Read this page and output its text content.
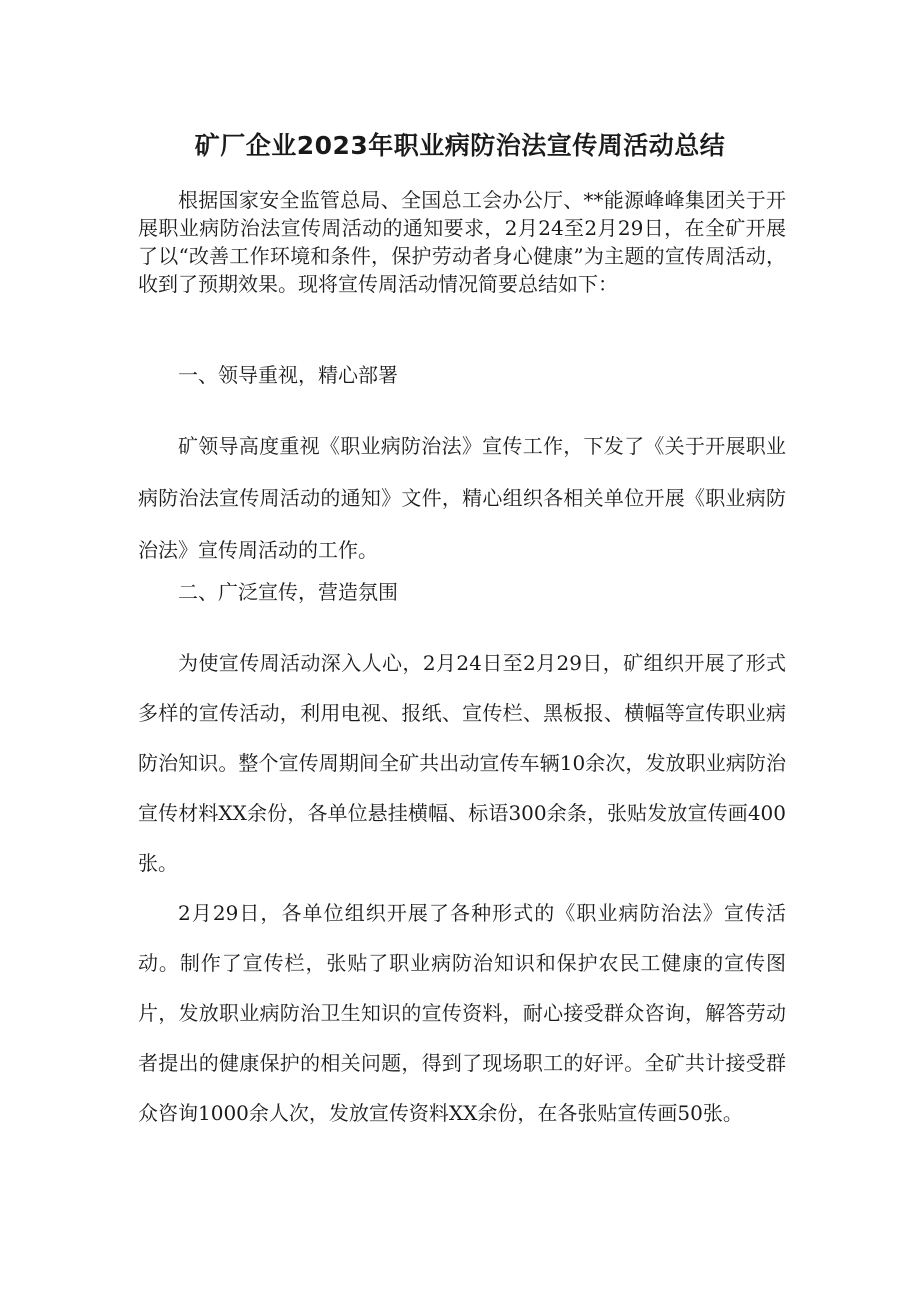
矿厂企业2023年职业病防治法宣传周活动总结

根据国家安全监管总局、全国总工会办公厅、**能源峰峰集团关于开展职业病防治法宣传周活动的通知要求，2月24至2月29日，在全矿开展了以“改善工作环境和条件，保护劳动者身心健康”为主题的宣传周活动，收到了预期效果。现将宣传周活动情况简要总结如下：

一、领导重视，精心部署

矿领导高度重视《职业病防治法》宣传工作，下发了《关于开展职业病防治法宣传周活动的通知》文件，精心组织各相关单位开展《职业病防治法》宣传周活动的工作。

二、广泛宣传，营造氛围

为使宣传周活动深入人心，2月24日至2月29日，矿组织开展了形式多样的宣传活动，利用电视、报纸、宣传栏、黑板报、横幅等宣传职业病防治知识。整个宣传周期间全矿共出动宣传车辆10余次，发放职业病防治宣传材料XX余份，各单位悬挂横幅、标语300余条，张贴发放宣传画400张。

2月29日，各单位组织开展了各种形式的《职业病防治法》宣传活动。制作了宣传栏，张贴了职业病防治知识和保护农民工健康的宣传图片，发放职业病防治卫生知识的宣传资料，耐心接受群众咨询，解答劳动者提出的健康保护的相关问题，得到了现场职工的好评。全矿共计接受群众咨询1000余人次，发放宣传资料XX余份，在各张贴宣传画50张。
